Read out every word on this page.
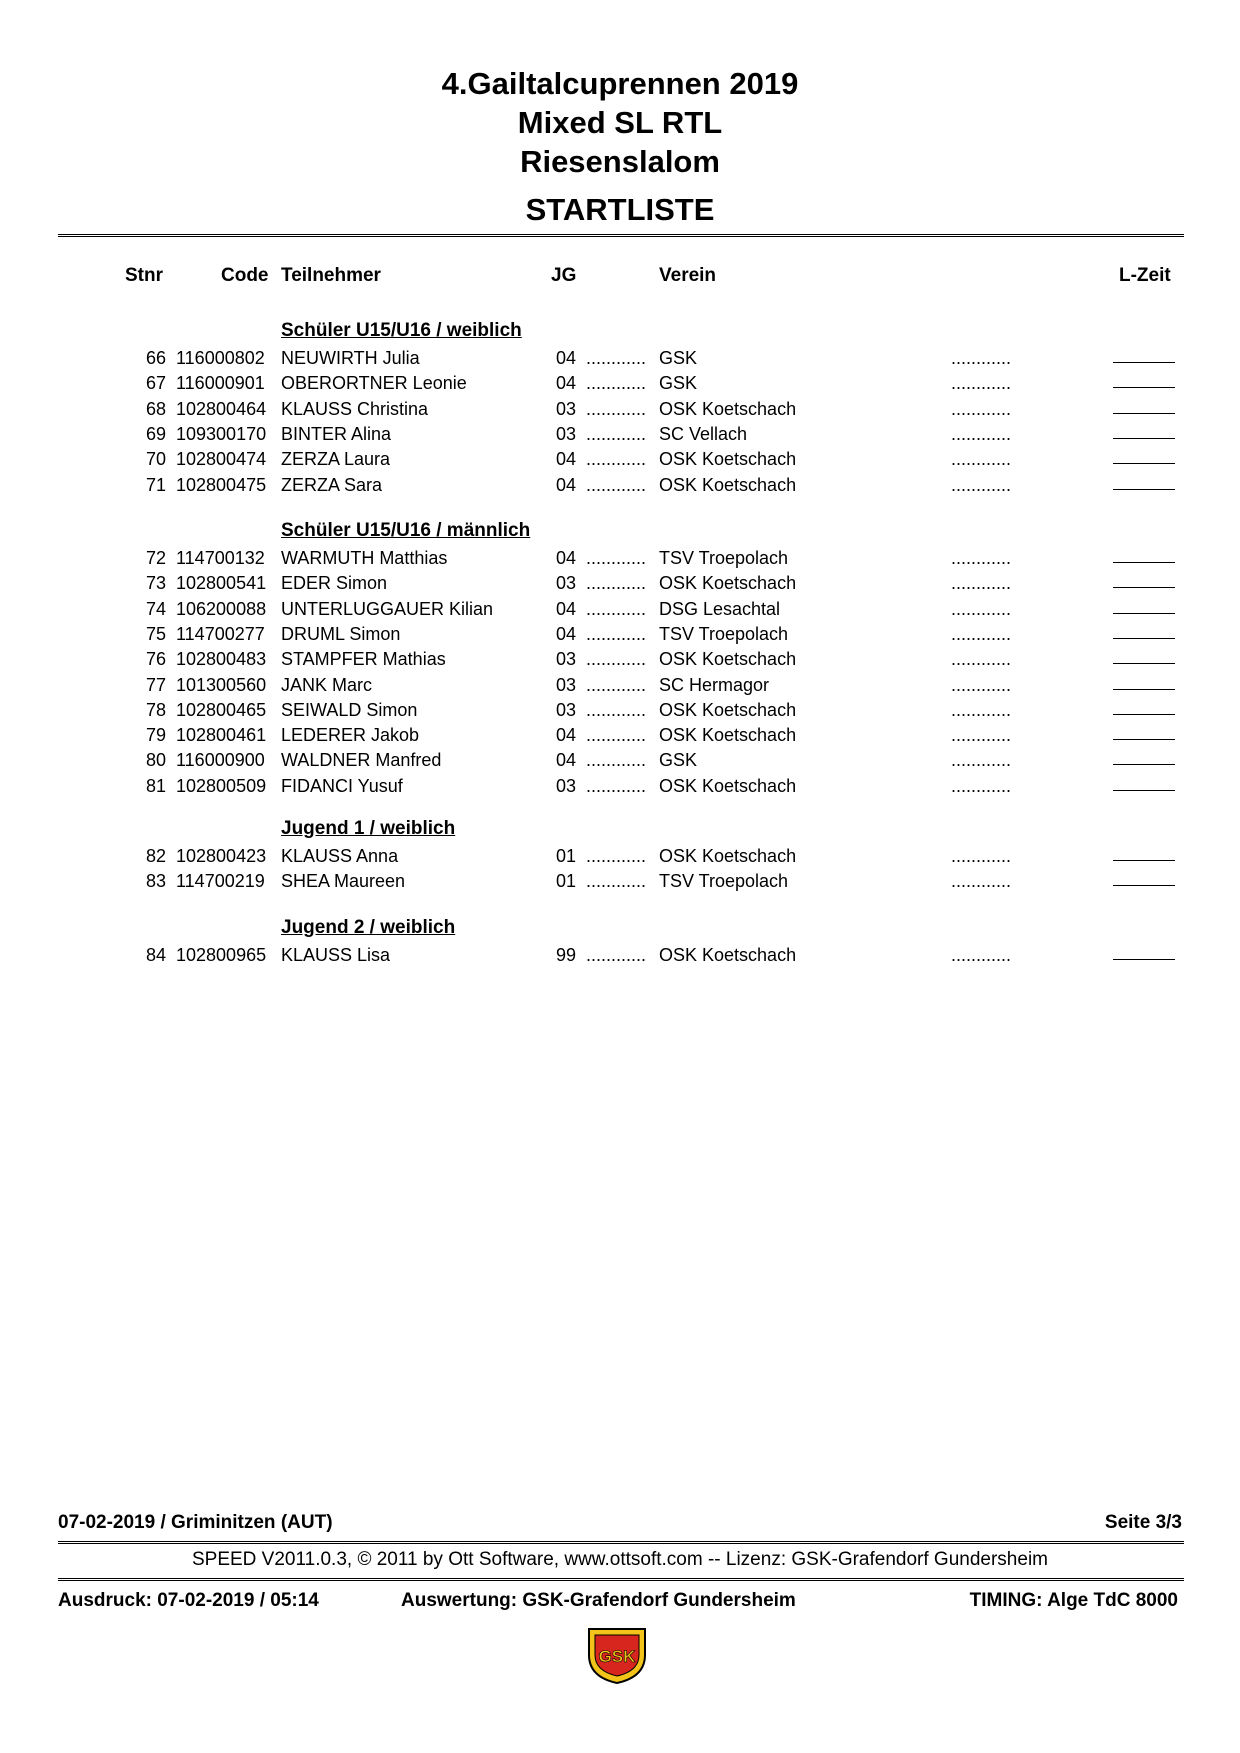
4.Gailtalcuprennen 2019
Mixed SL RTL
Riesenslalom
STARTLISTE
Stnr	Code Teilnehmer	JG	Verein	L-Zeit
Schüler U15/U16 / weiblich
66 116000802 NEUWIRTH Julia	04 ............ GSK	............
67 116000901 OBERORTNER Leonie	04 ............ GSK	............
68 102800464 KLAUSS Christina	03 ............ OSK Koetschach	............
69 109300170 BINTER Alina	03 ............ SC Vellach	............
70 102800474 ZERZA Laura	04 ............ OSK Koetschach	............
71 102800475 ZERZA Sara	04 ............ OSK Koetschach	............
Schüler U15/U16 / männlich
72 114700132 WARMUTH Matthias	04 ............ TSV Troepolach	............
73 102800541 EDER Simon	03 ............ OSK Koetschach	............
74 106200088 UNTERLUGGAUER Kilian	04 ............ DSG Lesachtal	............
75 114700277 DRUML Simon	04 ............ TSV Troepolach	............
76 102800483 STAMPFER Mathias	03 ............ OSK Koetschach	............
77 101300560 JANK Marc	03 ............ SC Hermagor	............
78 102800465 SEIWALD Simon	03 ............ OSK Koetschach	............
79 102800461 LEDERER Jakob	04 ............ OSK Koetschach	............
80 116000900 WALDNER Manfred	04 ............ GSK	............
81 102800509 FIDANCI Yusuf	03 ............ OSK Koetschach	............
Jugend 1 / weiblich
82 102800423 KLAUSS Anna	01 ............ OSK Koetschach	............
83 114700219 SHEA Maureen	01 ............ TSV Troepolach	............
Jugend 2 / weiblich
84 102800965 KLAUSS Lisa	99 ............ OSK Koetschach	............
07-02-2019 / Griminitzen (AUT)	Seite 3/3
SPEED V2011.0.3, © 2011 by Ott Software, www.ottsoft.com -- Lizenz: GSK-Grafendorf Gundersheim
Ausdruck: 07-02-2019 / 05:14	Auswertung: GSK-Grafendorf Gundersheim	TIMING: Alge TdC 8000
GSK
